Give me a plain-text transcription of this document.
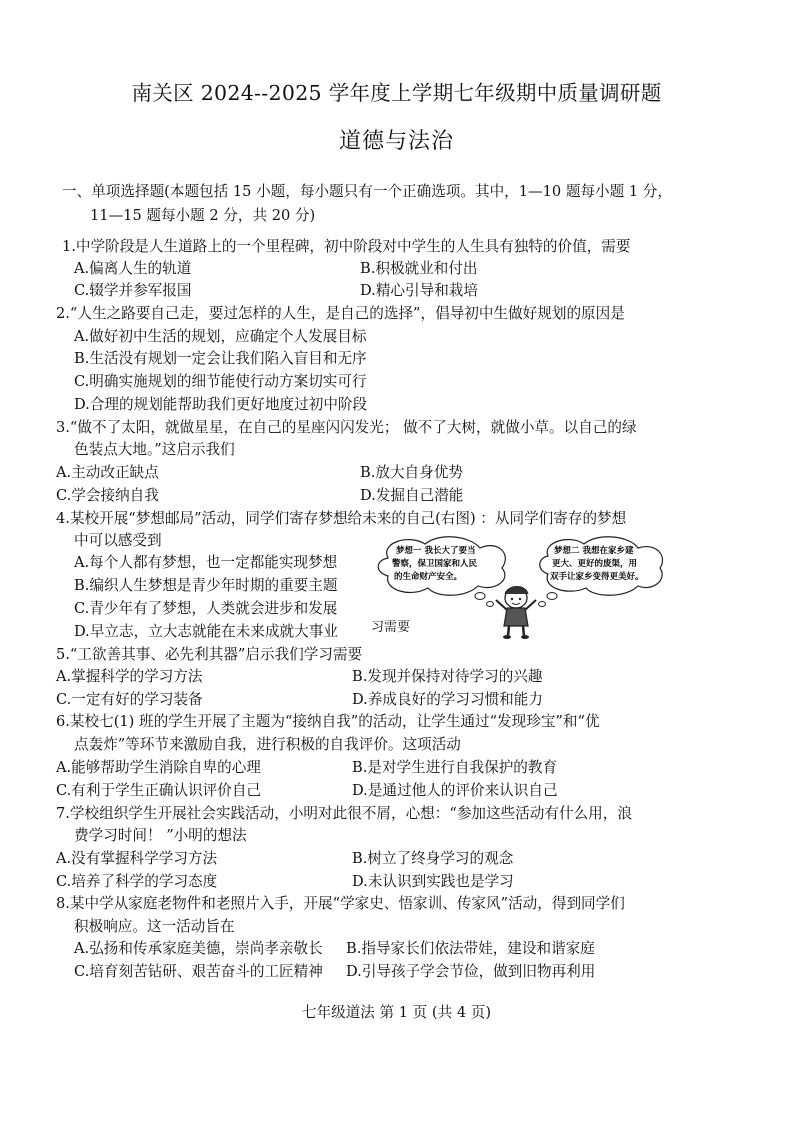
南关区 2024--2025 学年度上学期七年级期中质量调研题
道德与法治
一、单项选择题(本题包括 15 小题，每小题只有一个正确选项。其中，1—10 题每小题 1 分，
11—15 题每小题 2 分，共 20 分)
1.中学阶段是人生道路上的一个里程碑，初中阶段对中学生的人生具有独特的价值，需要
A.偏离人生的轨道	B.积极就业和付出
C.辍学并参军报国	D.精心引导和栽培
2.“人生之路要自己走，要过怎样的人生，是自己的选择”，倡导初中生做好规划的原因是
A.做好初中生活的规划，应确定个人发展目标
B.生活没有规划一定会让我们陷入盲目和无序
C.明确实施规划的细节能使行动方案切实可行
D.合理的规划能帮助我们更好地度过初中阶段
3.“做不了太阳，就做星星，在自己的星座闪闪发光； 做不了大树，就做小草。以自己的绿
色装点大地。”这启示我们
A.主动改正缺点	B.放大自身优势
C.学会接纳自我	D.发掘自己潜能
4.某校开展“梦想邮局”活动，同学们寄存梦想给未来的自己(右图) ：从同学们寄存的梦想
中可以感受到
梦想一 我长大了要当
警察，保卫国家和人民
的生命财产安全。
梦想二 我想在家乡建
更大、更好的废渠，用
双手让家乡变得更美好。
A.每个人都有梦想，也一定都能实现梦想
B.编织人生梦想是青少年时期的重要主题
C.青少年有了梦想，人类就会进步和发展
D.早立志，立大志就能在未来成就大事业	习需要
5.“工欲善其事、必先利其器”启示我们学习需要
A.掌握科学的学习方法	B.发现并保持对待学习的兴趣
C.一定有好的学习装备	D.养成良好的学习习惯和能力
6.某校七(1) 班的学生开展了主题为“接纳自我”的活动，让学生通过“发现珍宝”和“优
点轰炸”等环节来激励自我，进行积极的自我评价。这项活动
A.能够帮助学生消除自卑的心理	B.是对学生进行自我保护的教育
C.有利于学生正确认识评价自己	D.是通过他人的评价来认识自己
7.学校组织学生开展社会实践活动，小明对此很不屑，心想：“参加这些活动有什么用，浪
费学习时间！ ”小明的想法
A.没有掌握科学学习方法	B.树立了终身学习的观念
C.培养了科学的学习态度	D.未认识到实践也是学习
8.某中学从家庭老物件和老照片入手，开展“学家史、悟家训、传家风”活动，得到同学们
积极响应。这一活动旨在
A.弘扬和传承家庭美德，崇尚孝亲敬长 B.指导家长们依法带娃，建设和谐家庭
C.培育刻苦钻研、艰苦奋斗的工匠精神 D.引导孩子学会节俭，做到旧物再利用
七年级道法 第 1 页 (共 4 页)
